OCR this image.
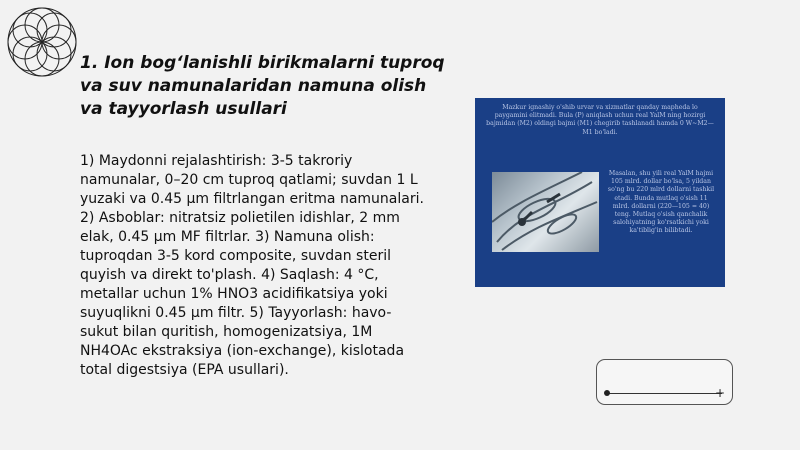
1. Ion bog‘lanishli birikmalarni tuproq va suv namunalaridan namuna olish va tayyorlash usullari
1) Maydonni rejalashtirish: 3-5 takroriy namunalar, 0–20 cm tuproq qatlami; suvdan 1 L yuzaki va 0.45 µm filtrlangan eritma namunalari. 2) Asboblar: nitratsiz polietilen idishlar, 2 mm elak, 0.45 µm MF filtrlar. 3) Namuna olish: tuproqdan 3-5 kord composite, suvdan steril quyish va direkt to'plash. 4) Saqlash: 4 °C, metallar uchun 1% HNO3 acidifikatsiya yoki suyuqlikni 0.45 µm filtr. 5) Tayyorlash: havo-sukut bilan quritish, homogenizatsiya, 1M NH4OAc ekstraksiya (ion-exchange), kislotada total digestsiya (EPA usullari).
Mazkur ignashiy o'shib urvar va xizmatlar qanday mapheda lo paygamini elitmadi. Bula (P) aniqlash uchun real YalM ning hozirgi bajmidan (M2) oldingi bajmi (M1) chegirib tashlanadi hamda 0 W~M2—M1 bo'ladi.
Masalan, shu yili real YalM hajmi 105 mlrd. dollar bo'lsa, 5 yildan so'ng bu 220 mlrd dollarni tashkil etadi. Bunda mutlaq o'sish 11 mlrd. dollarni (220—105 = 40) teng. Mutlaq o'sish qanchalik salohiyatning ko'rsatkichi yoki ka'tiblig'in bilibtadi.
+
